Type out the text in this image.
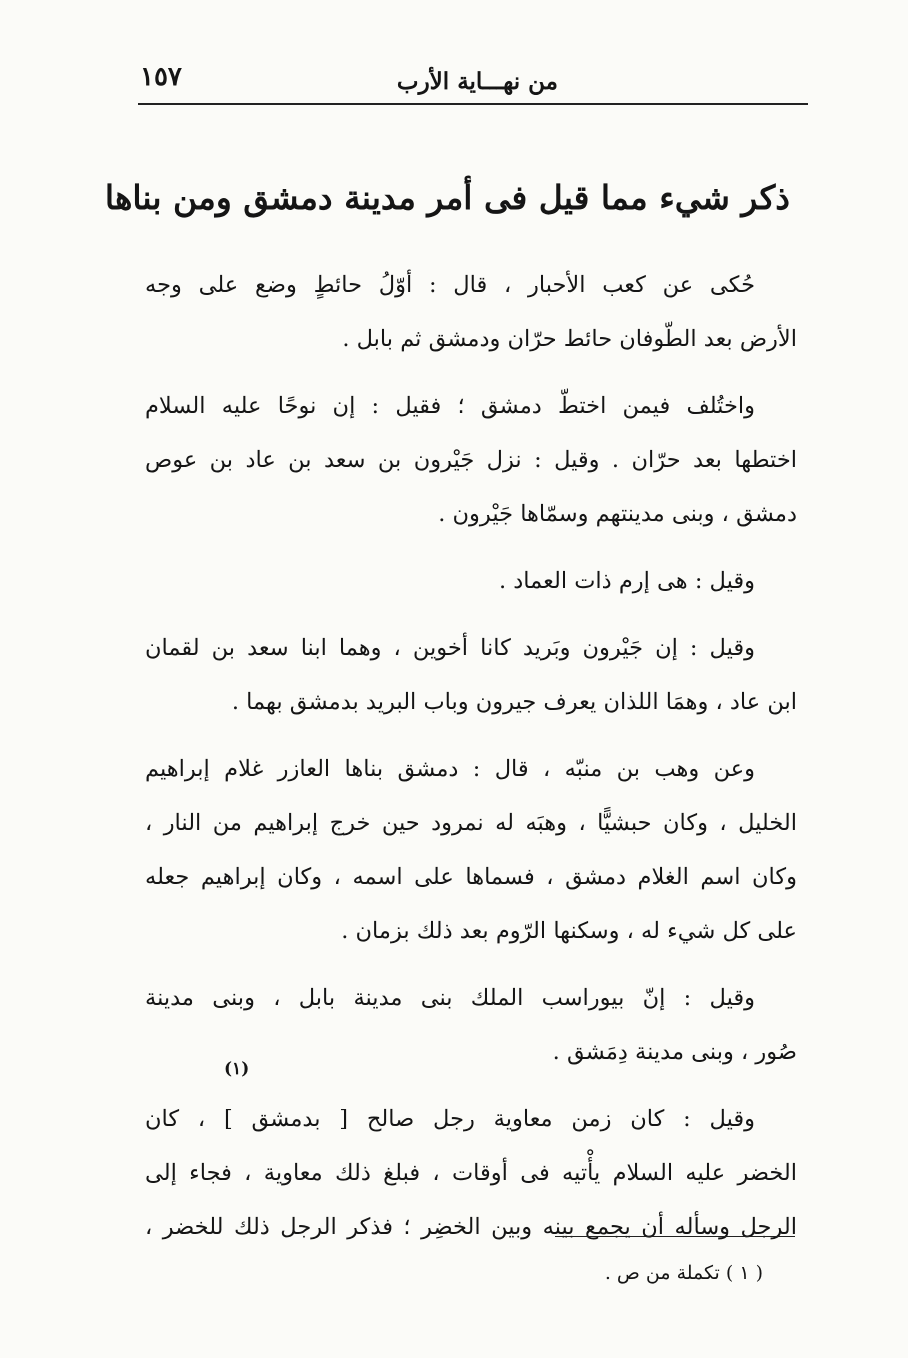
من نهـــاية الأرب
١٥٧
ذكر شيء مما قيل فى أمر مدينة دمشق ومن بناها
حُكى عن كعب الأحبار ، قال : أوّلُ حائطٍ وضع على وجه
الأرض بعد الطّوفان حائط حرّان ودمشق ثم بابل .
واختُلف فيمن اختطّ دمشق ؛ فقيل : إن نوحًا عليه السلام
اختطها بعد حرّان . وقيل : نزل جَيْرون بن سعد بن عاد بن عوص
دمشق ، وبنى مدينتهم وسمّاها جَيْرون .
وقيل : هى إرم ذات العماد .
وقيل : إن جَيْرون وبَريد كانا أخوين ، وهما ابنا سعد بن لقمان
ابن عاد ، وهمَا اللذان يعرف جيرون وباب البريد بدمشق بهما .
وعن وهب بن منبّه ، قال : دمشق بناها العازر غلام إبراهيم
الخليل ، وكان حبشيًّا ، وهبَه له نمرود حين خرج إبراهيم من النار ،
وكان اسم الغلام دمشق ، فسماها على اسمه ، وكان إبراهيم جعله
على كل شيء له ، وسكنها الرّوم بعد ذلك بزمان .
وقيل : إنّ بيوراسب الملك بنى مدينة بابل ، وبنى مدينة
صُور ، وبنى مدينة دِمَشق .
وقيل : كان زمن معاوية رجل صالح [ بدمشق ] ، كان
الخضر عليه السلام يأْتيه فى أوقات ، فبلغ ذلك معاوية ، فجاء إلى
الرجل وسأله أن يجمع بينه وبين الخضِر ؛ فذكر الرجل ذلك للخضر ،
(١)
( ١ ) تكملة من ص .
